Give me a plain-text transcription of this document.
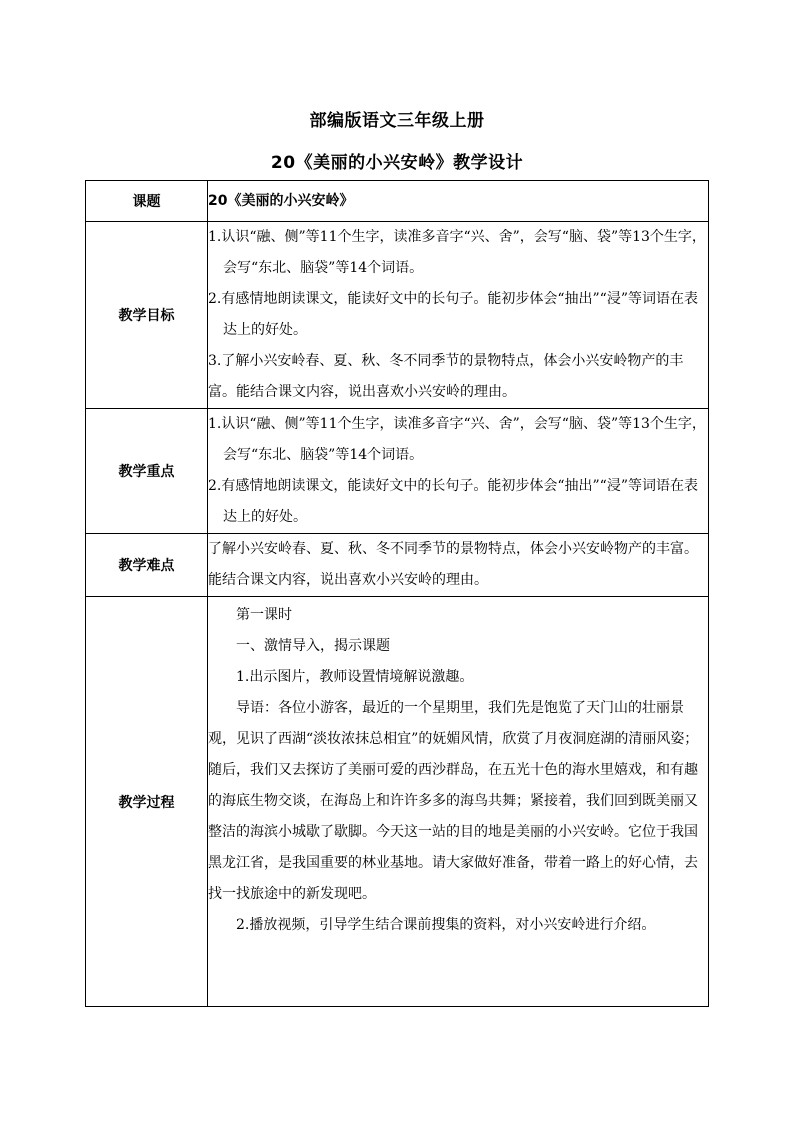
部编版语文三年级上册
20《美丽的小兴安岭》教学设计
课题	20《美丽的小兴安岭》
教学目标	1.认识“融、侧”等11个生字，读准多音字“兴、舍”，会写“脑、袋”等13个生字，会写“东北、脑袋”等14个词语。
2.有感情地朗读课文，能读好文中的长句子。能初步体会“抽出”“浸”等词语在表达上的好处。
3.了解小兴安岭春、夏、秋、冬不同季节的景物特点，体会小兴安岭物产的丰富。能结合课文内容，说出喜欢小兴安岭的理由。

教学重点	1.认识“融、侧”等11个生字，读准多音字“兴、舍”，会写“脑、袋”等13个生字，会写“东北、脑袋”等14个词语。
2.有感情地朗读课文，能读好文中的长句子。能初步体会“抽出”“浸”等词语在表达上的好处。

教学难点	了解小兴安岭春、夏、秋、冬不同季节的景物特点，体会小兴安岭物产的丰富。能结合课文内容，说出喜欢小兴安岭的理由。

教学过程	第一课时
一、激情导入，揭示课题
1.出示图片，教师设置情境解说激趣。
导语：各位小游客，最近的一个星期里，我们先是饱览了天门山的壮丽景观，见识了西湖“淡妆浓抹总相宜”的妩媚风情，欣赏了月夜洞庭湖的清丽风姿；随后，我们又去探访了美丽可爱的西沙群岛，在五光十色的海水里嬉戏，和有趣的海底生物交谈，在海岛上和许许多多的海鸟共舞；紧接着，我们回到既美丽又整洁的海滨小城歇了歇脚。今天这一站的目的地是美丽的小兴安岭。它位于我国黑龙江省，是我国重要的林业基地。请大家做好准备，带着一路上的好心情，去找一找旅途中的新发现吧。
2.播放视频，引导学生结合课前搜集的资料，对小兴安岭进行介绍。
